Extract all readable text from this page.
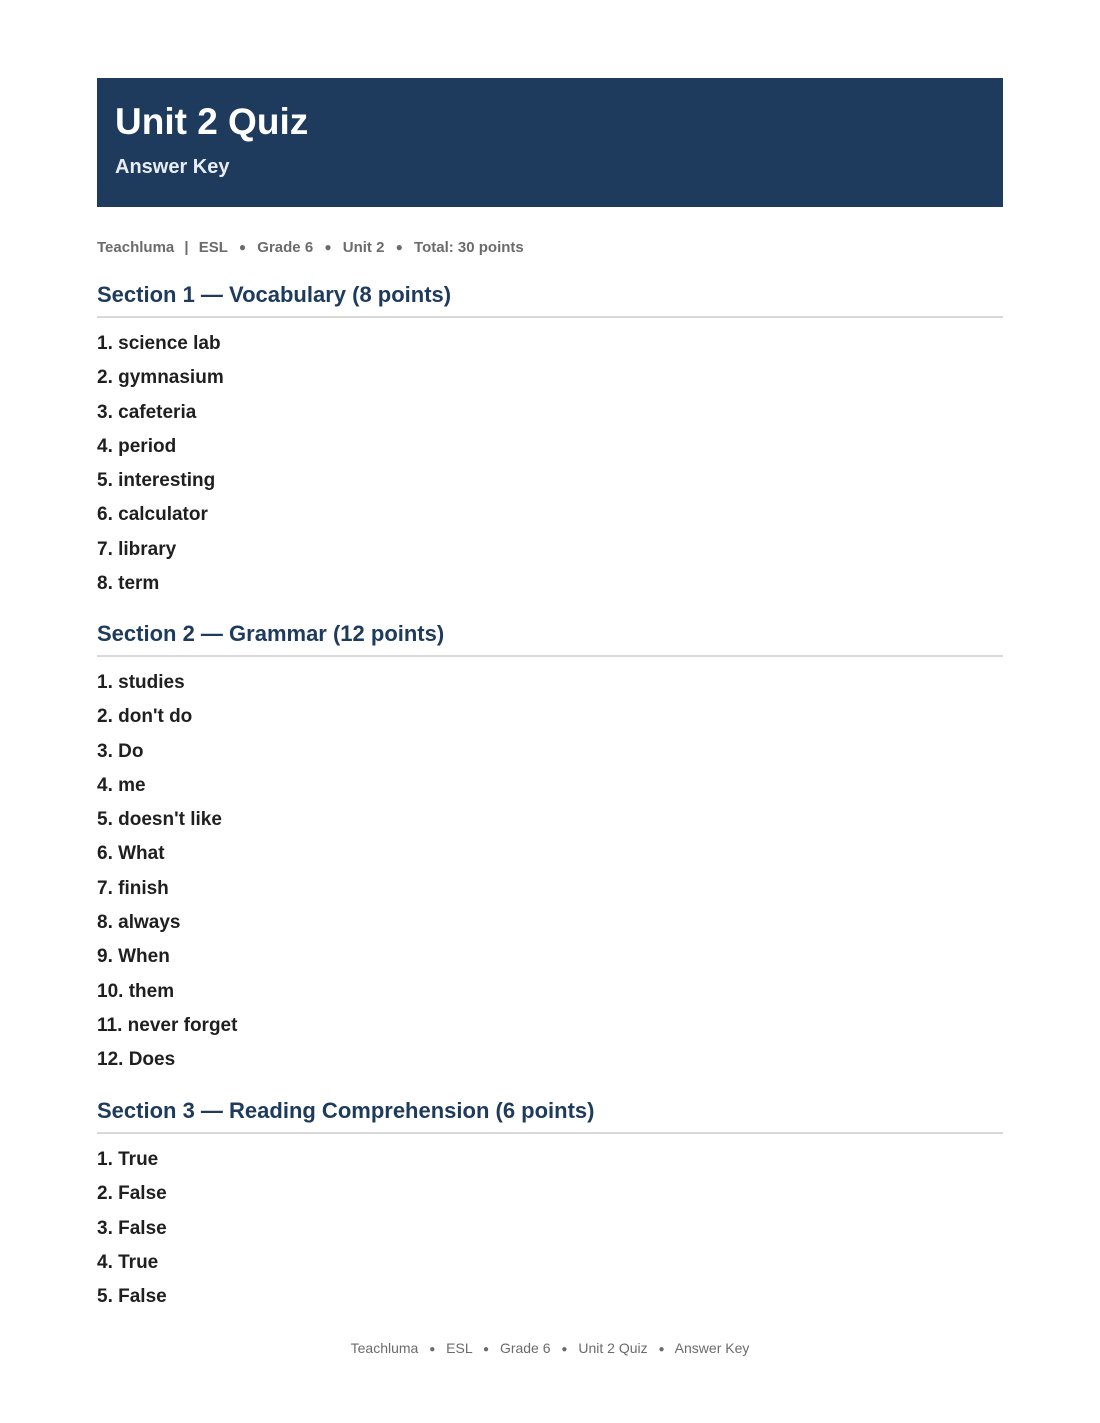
Unit 2 Quiz
Answer Key
Teachluma | ESL ● Grade 6 ● Unit 2 ● Total: 30 points
Section 1 — Vocabulary (8 points)
1. science lab
2. gymnasium
3. cafeteria
4. period
5. interesting
6. calculator
7. library
8. term
Section 2 — Grammar (12 points)
1. studies
2. don't do
3. Do
4. me
5. doesn't like
6. What
7. finish
8. always
9. When
10. them
11. never forget
12. Does
Section 3 — Reading Comprehension (6 points)
1. True
2. False
3. False
4. True
5. False
Teachluma ● ESL ● Grade 6 ● Unit 2 Quiz ● Answer Key
